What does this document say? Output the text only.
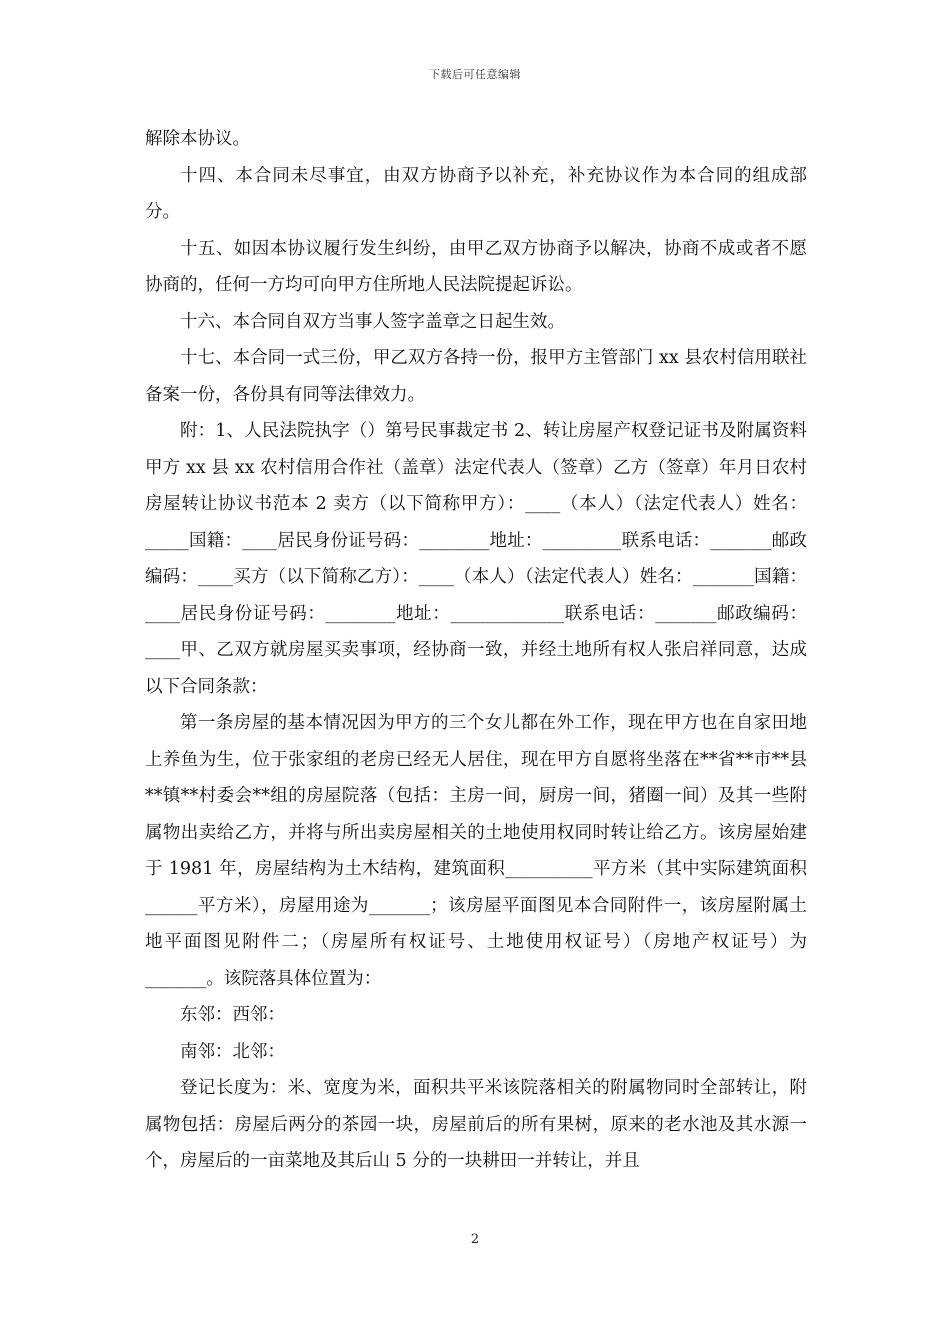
下载后可任意编辑

解除本协议。

十四、本合同未尽事宜，由双方协商予以补充，补充协议作为本合同的组成部分。

十五、如因本协议履行发生纠纷，由甲乙双方协商予以解决，协商不成或者不愿协商的，任何一方均可向甲方住所地人民法院提起诉讼。

十六、本合同自双方当事人签字盖章之日起生效。

十七、本合同一式三份，甲乙双方各持一份，报甲方主管部门 xx 县农村信用联社备案一份，各份具有同等法律效力。

附：1、人民法院执字（）第号民事裁定书 2、转让房屋产权登记证书及附属资料甲方 xx 县 xx 农村信用合作社（盖章）法定代表人（签章）乙方（签章）年月日农村房屋转让协议书范本 2 卖方（以下简称甲方）：____（本人）（法定代表人）姓名：_____国籍：____居民身份证号码：________地址：_________联系电话：_______邮政编码：____买方（以下简称乙方）：____（本人）（法定代表人）姓名：_______国籍：____居民身份证号码：________地址：_____________联系电话：_______邮政编码：____甲、乙双方就房屋买卖事项，经协商一致，并经土地所有权人张启祥同意，达成以下合同条款：

第一条房屋的基本情况因为甲方的三个女儿都在外工作，现在甲方也在自家田地上养鱼为生，位于张家组的老房已经无人居住，现在甲方自愿将坐落在**省**市**县**镇**村委会**组的房屋院落（包括：主房一间，厨房一间，猪圈一间）及其一些附属物出卖给乙方，并将与所出卖房屋相关的土地使用权同时转让给乙方。该房屋始建于 1981 年，房屋结构为土木结构，建筑面积__________平方米（其中实际建筑面积______平方米），房屋用途为_______；该房屋平面图见本合同附件一，该房屋附属土地平面图见附件二；（房屋所有权证号、土地使用权证号）（房地产权证号）为_______。该院落具体位置为：

东邻：西邻：

南邻：北邻：

登记长度为：米、宽度为米，面积共平米该院落相关的附属物同时全部转让，附属物包括：房屋后两分的茶园一块，房屋前后的所有果树，原来的老水池及其水源一个，房屋后的一亩菜地及其后山 5 分的一块耕田一并转让，并且

2
